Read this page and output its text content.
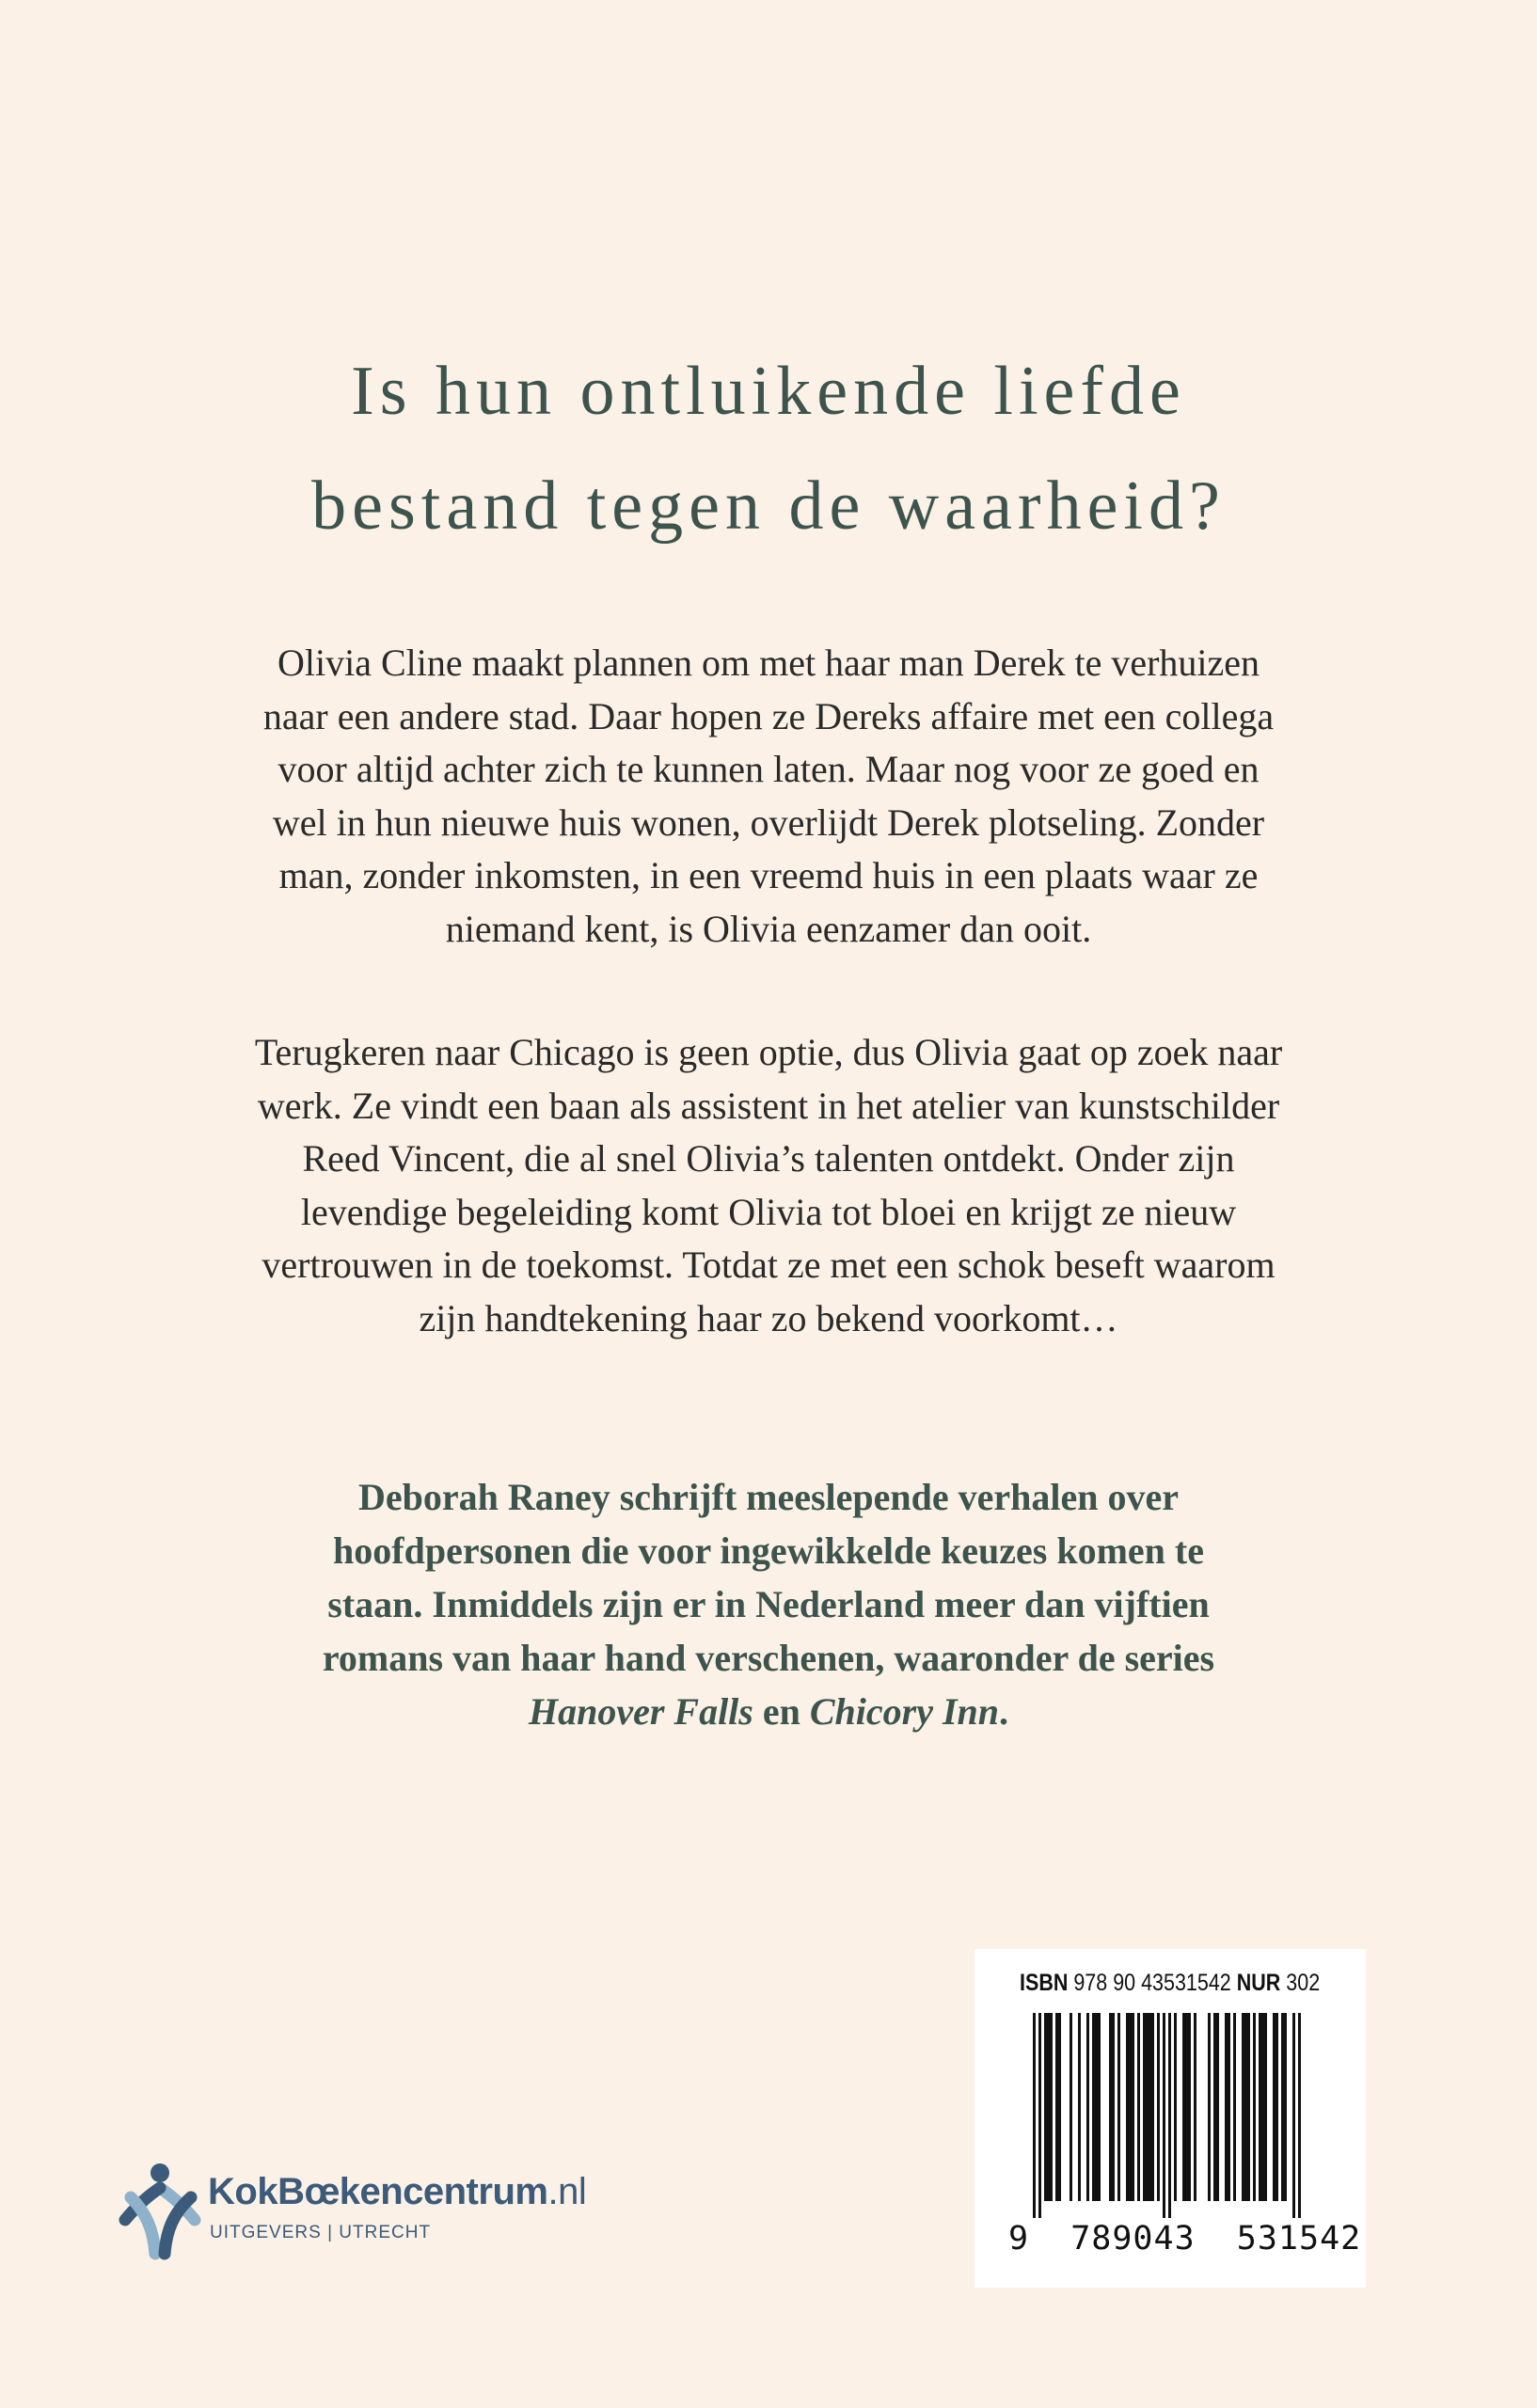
Is hun ontluikende liefde
bestand tegen de waarheid?
Olivia Cline maakt plannen om met haar man Derek te verhuizen
naar een andere stad. Daar hopen ze Dereks affaire met een collega
voor altijd achter zich te kunnen laten. Maar nog voor ze goed en
wel in hun nieuwe huis wonen, overlijdt Derek plotseling. Zonder
man, zonder inkomsten, in een vreemd huis in een plaats waar ze
niemand kent, is Olivia eenzamer dan ooit.
Terugkeren naar Chicago is geen optie, dus Olivia gaat op zoek naar
werk. Ze vindt een baan als assistent in het atelier van kunstschilder
Reed Vincent, die al snel Olivia’s talenten ontdekt. Onder zijn
levendige begeleiding komt Olivia tot bloei en krijgt ze nieuw
vertrouwen in de toekomst. Totdat ze met een schok beseft waarom
zijn handtekening haar zo bekend voorkomt…
Deborah Raney schrijft meeslepende verhalen over
hoofdpersonen die voor ingewikkelde keuzes komen te
staan. Inmiddels zijn er in Nederland meer dan vijftien
romans van haar hand verschenen, waaronder de series
Hanover Falls en Chicory Inn.
ISBN 978 90 43531542 NUR 302
9  789043  531542
KokBœkencentrum.nl
UITGEVERS | UTRECHT
